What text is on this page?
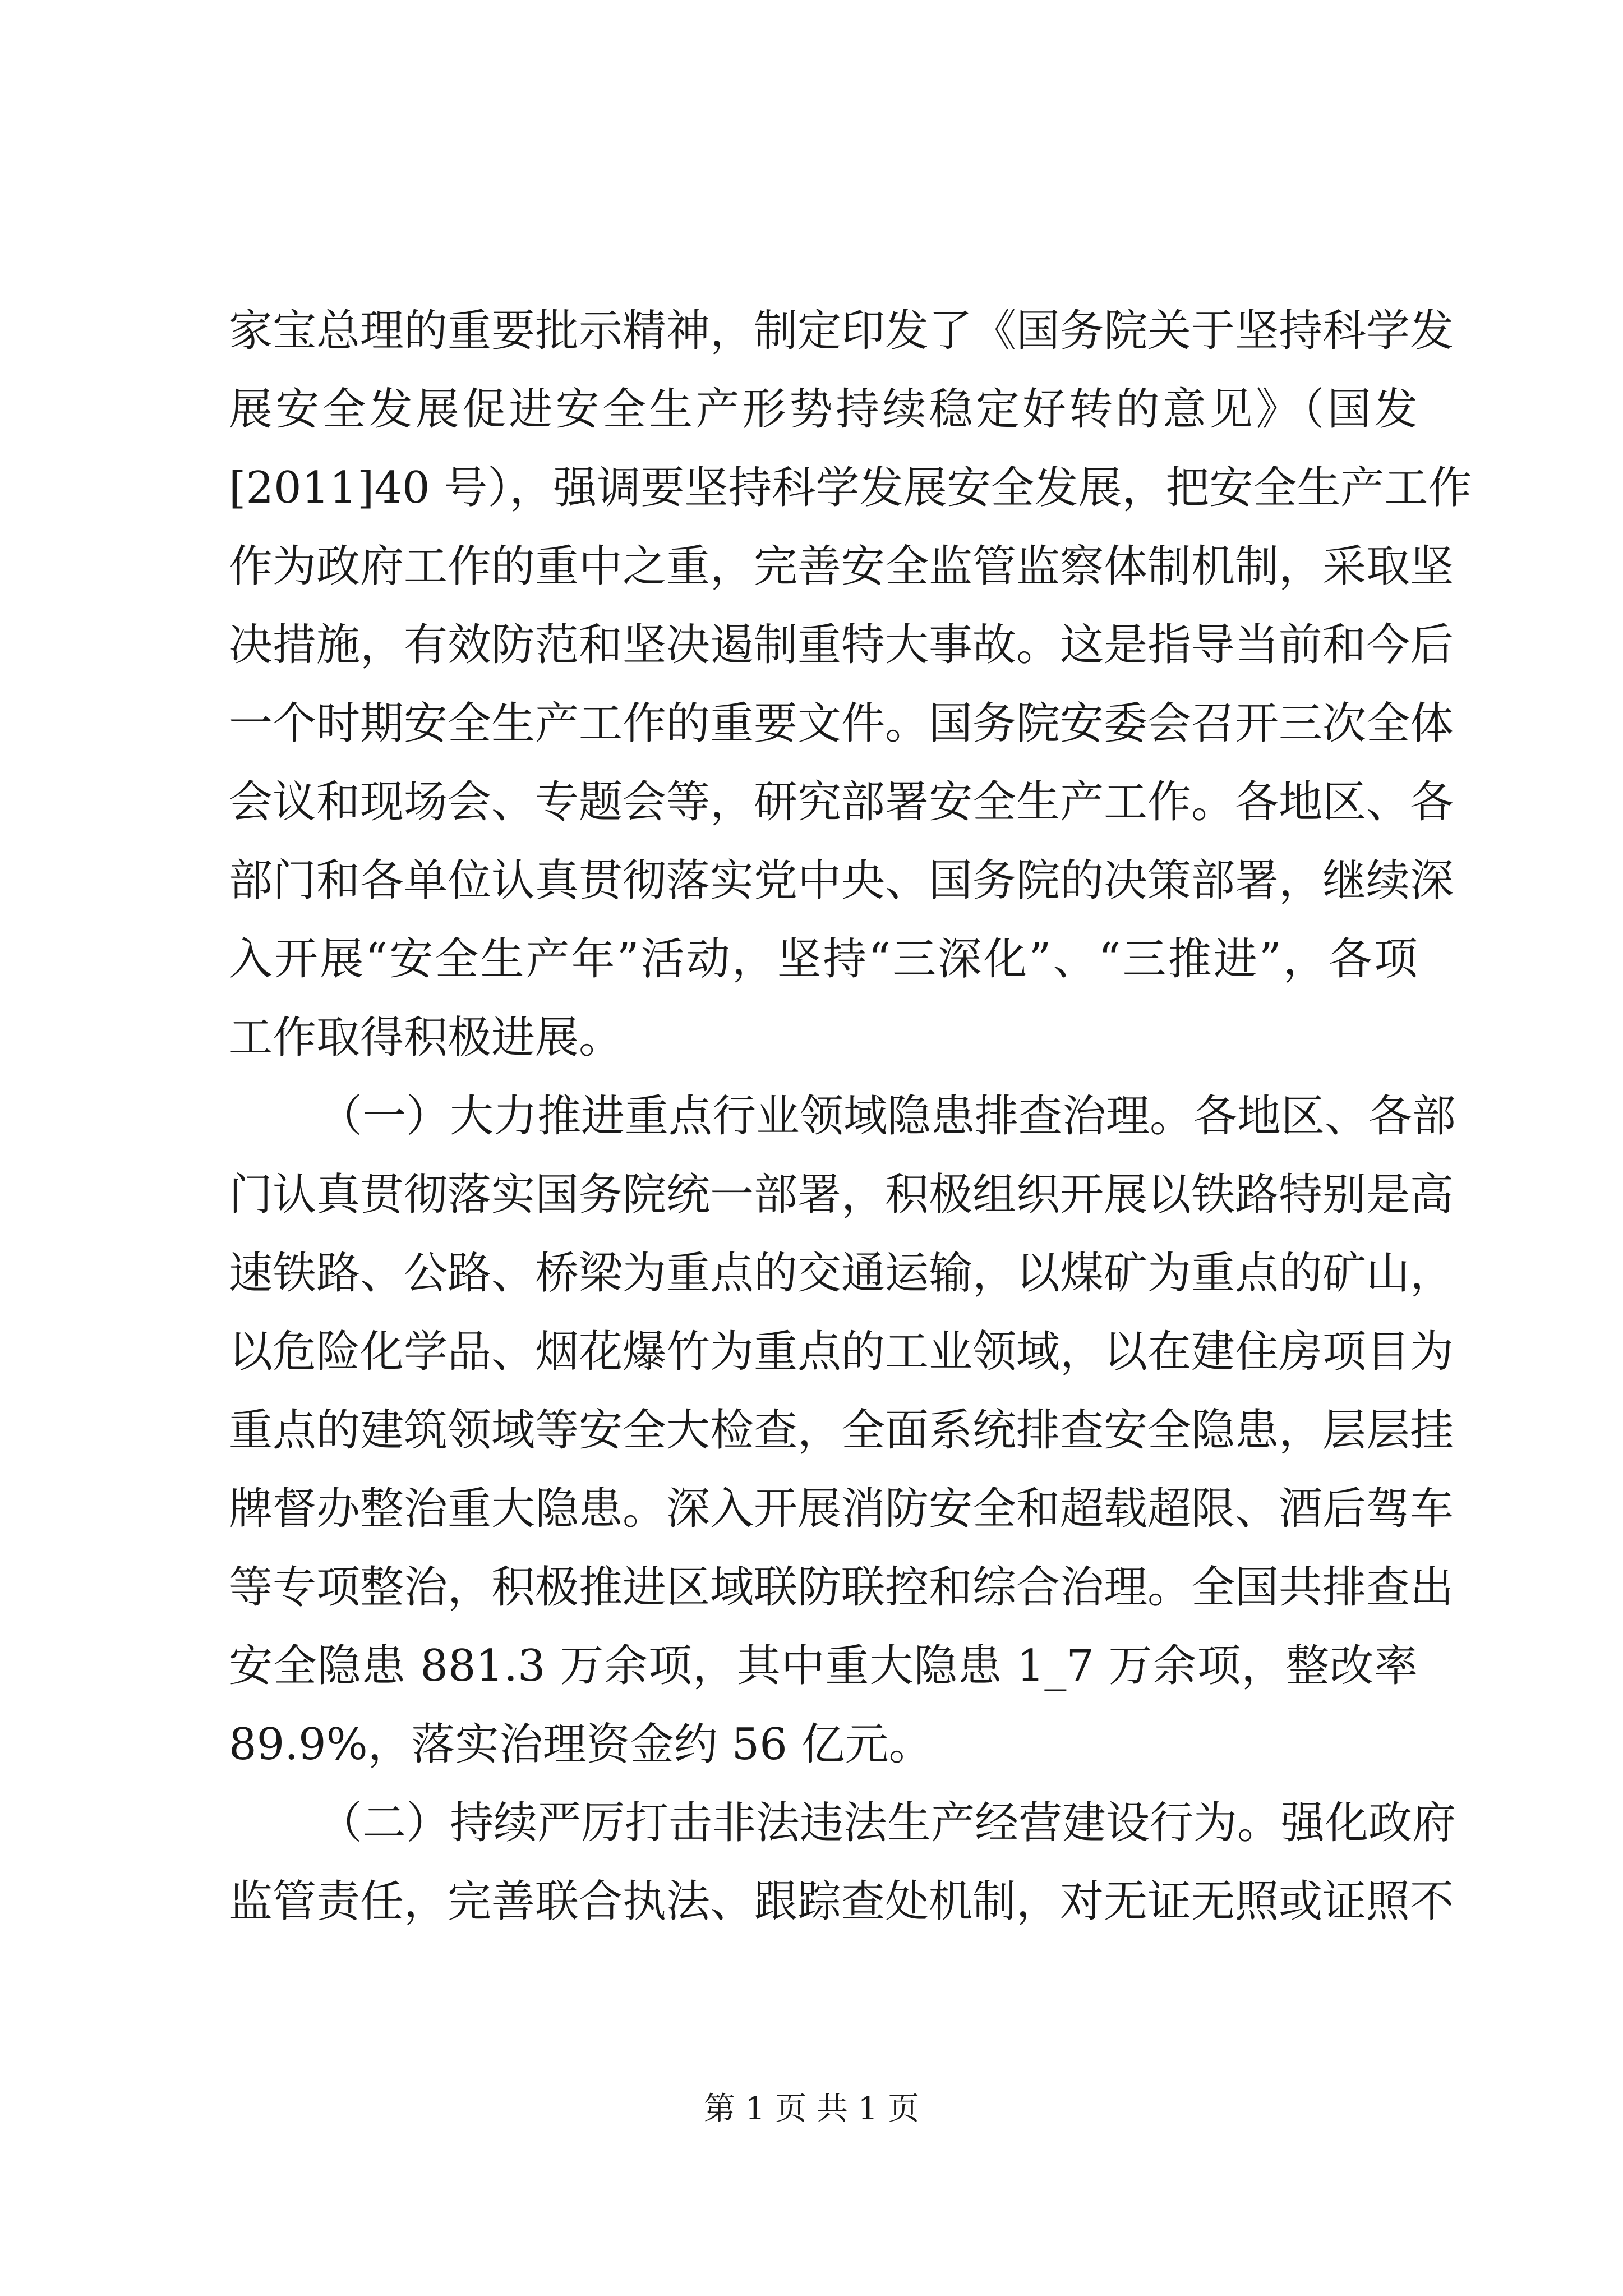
家宝总理的重要批示精神，制定印发了《国务院关于坚持科学发
展安全发展促进安全生产形势持续稳定好转的意见》（国发
[2011]40 号），强调要坚持科学发展安全发展，把安全生产工作
作为政府工作的重中之重，完善安全监管监察体制机制，采取坚
决措施，有效防范和坚决遏制重特大事故。这是指导当前和今后
一个时期安全生产工作的重要文件。国务院安委会召开三次全体
会议和现场会、专题会等，研究部署安全生产工作。各地区、各
部门和各单位认真贯彻落实党中央、国务院的决策部署，继续深
入开展“安全生产年”活动，坚持“三深化”、“三推进”，各项
工作取得积极进展。
（一）大力推进重点行业领域隐患排查治理。各地区、各部
门认真贯彻落实国务院统一部署，积极组织开展以铁路特别是高
速铁路、公路、桥梁为重点的交通运输，以煤矿为重点的矿山，
以危险化学品、烟花爆竹为重点的工业领域，以在建住房项目为
重点的建筑领域等安全大检查，全面系统排查安全隐患，层层挂
牌督办整治重大隐患。深入开展消防安全和超载超限、酒后驾车
等专项整治，积极推进区域联防联控和综合治理。全国共排查出
安全隐患 881.3 万余项，其中重大隐患 1_7 万余项，整改率
89.9%，落实治理资金约 56 亿元。
（二）持续严厉打击非法违法生产经营建设行为。强化政府
监管责任，完善联合执法、跟踪查处机制，对无证无照或证照不
第 1 页 共 1 页
